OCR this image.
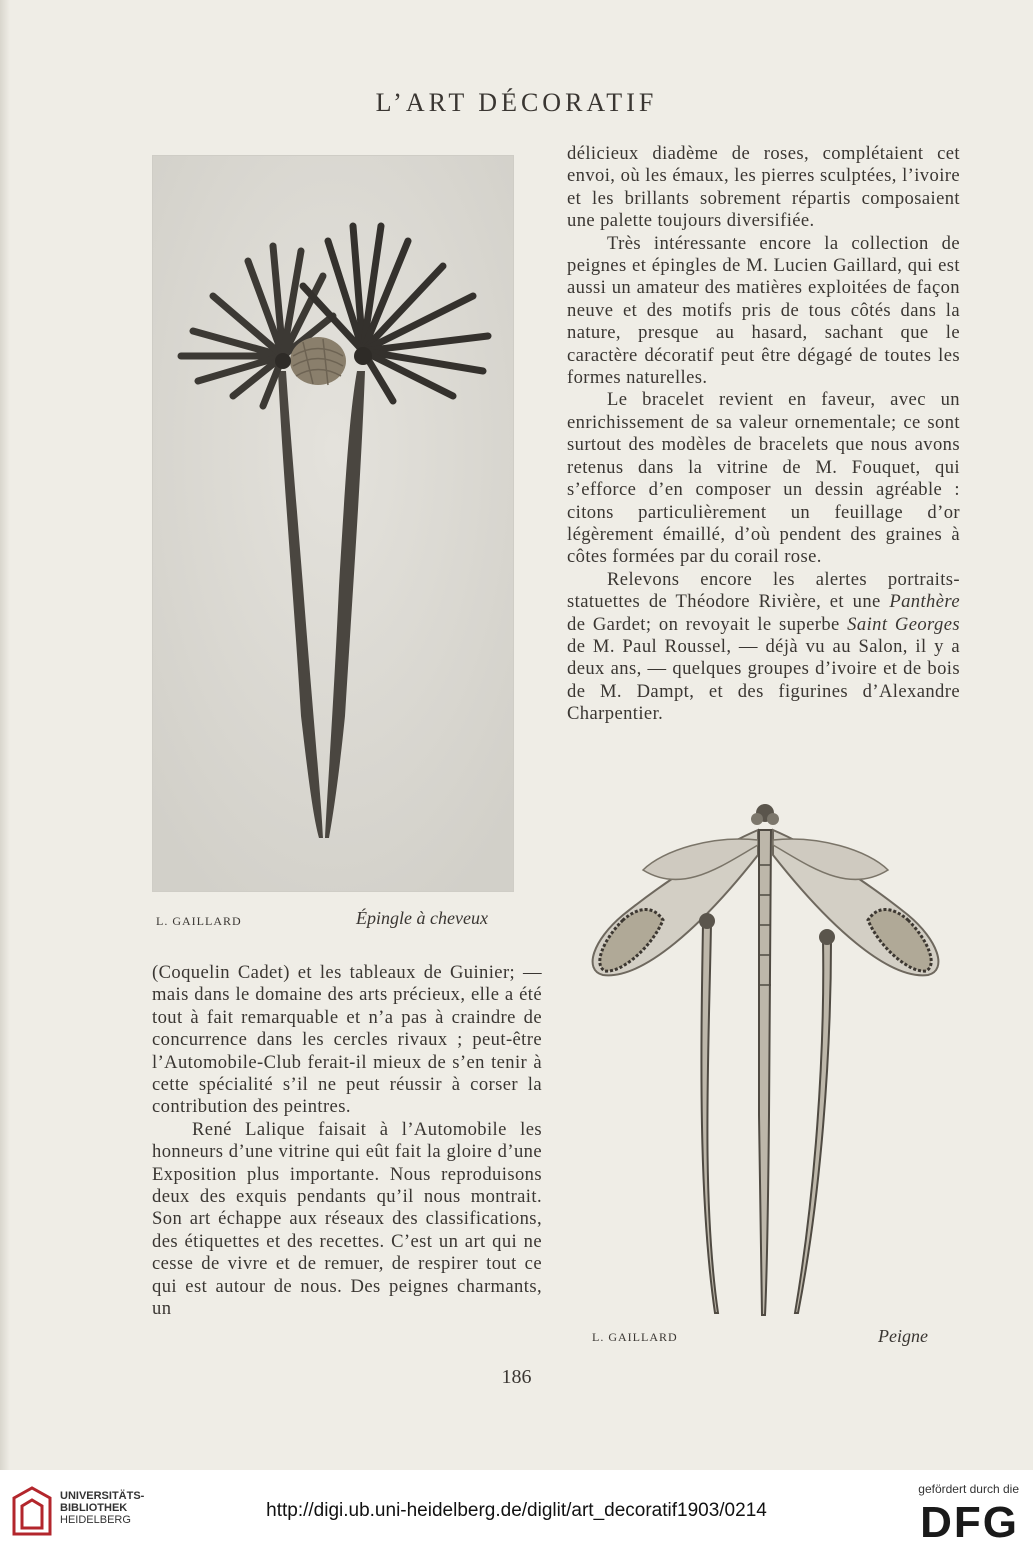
L’ART DÉCORATIF

délicieux diadème de roses, complétaient cet envoi, où les émaux, les pierres sculptées, l’ivoire et les brillants sobrement répartis composaient une palette toujours diversifiée.

Très intéressante encore la collection de peignes et épingles de M. Lucien Gaillard, qui est aussi un amateur des matières exploitées de façon neuve et des motifs pris de tous côtés dans la nature, presque au hasard, sachant que le caractère décoratif peut être dégagé de toutes les formes naturelles.

Le bracelet revient en faveur, avec un enrichissement de sa valeur ornementale; ce sont surtout des modèles de bracelets que nous avons retenus dans la vitrine de M. Fouquet, qui s’efforce d’en composer un dessin agréable : citons particulièrement un feuillage d’or légèrement émaillé, d’où pendent des graines à côtes formées par du corail rose.

Relevons encore les alertes portraits-statuettes de Théodore Rivière, et une Panthère de Gardet; on revoyait le superbe Saint Georges de M. Paul Roussel, — déjà vu au Salon, il y a deux ans, — quelques groupes d’ivoire et de bois de M. Dampt, et des figurines d’Alexandre Charpentier.

L. GAILLARD	Épingle à cheveux

(Coquelin Cadet) et les tableaux de Guinier; — mais dans le domaine des arts précieux, elle a été tout à fait remarquable et n’a pas à craindre de concurrence dans les cercles rivaux ; peut-être l’Automobile-Club ferait-il mieux de s’en tenir à cette spécialité s’il ne peut réussir à corser la contribution des peintres.

René Lalique faisait à l’Automobile les honneurs d’une vitrine qui eût fait la gloire d’une Exposition plus importante. Nous reproduisons deux des exquis pendants qu’il nous montrait. Son art échappe aux réseaux des classifications, des étiquettes et des recettes. C’est un art qui ne cesse de vivre et de remuer, de respirer tout ce qui est autour de nous. Des peignes charmants, un

L. GAILLARD	Peigne
186
UNIVERSITÄTS-
BIBLIOTHEK
HEIDELBERG	http://digi.ub.uni-heidelberg.de/diglit/art_decoratif1903/0214
gefördert durch die
DFG
